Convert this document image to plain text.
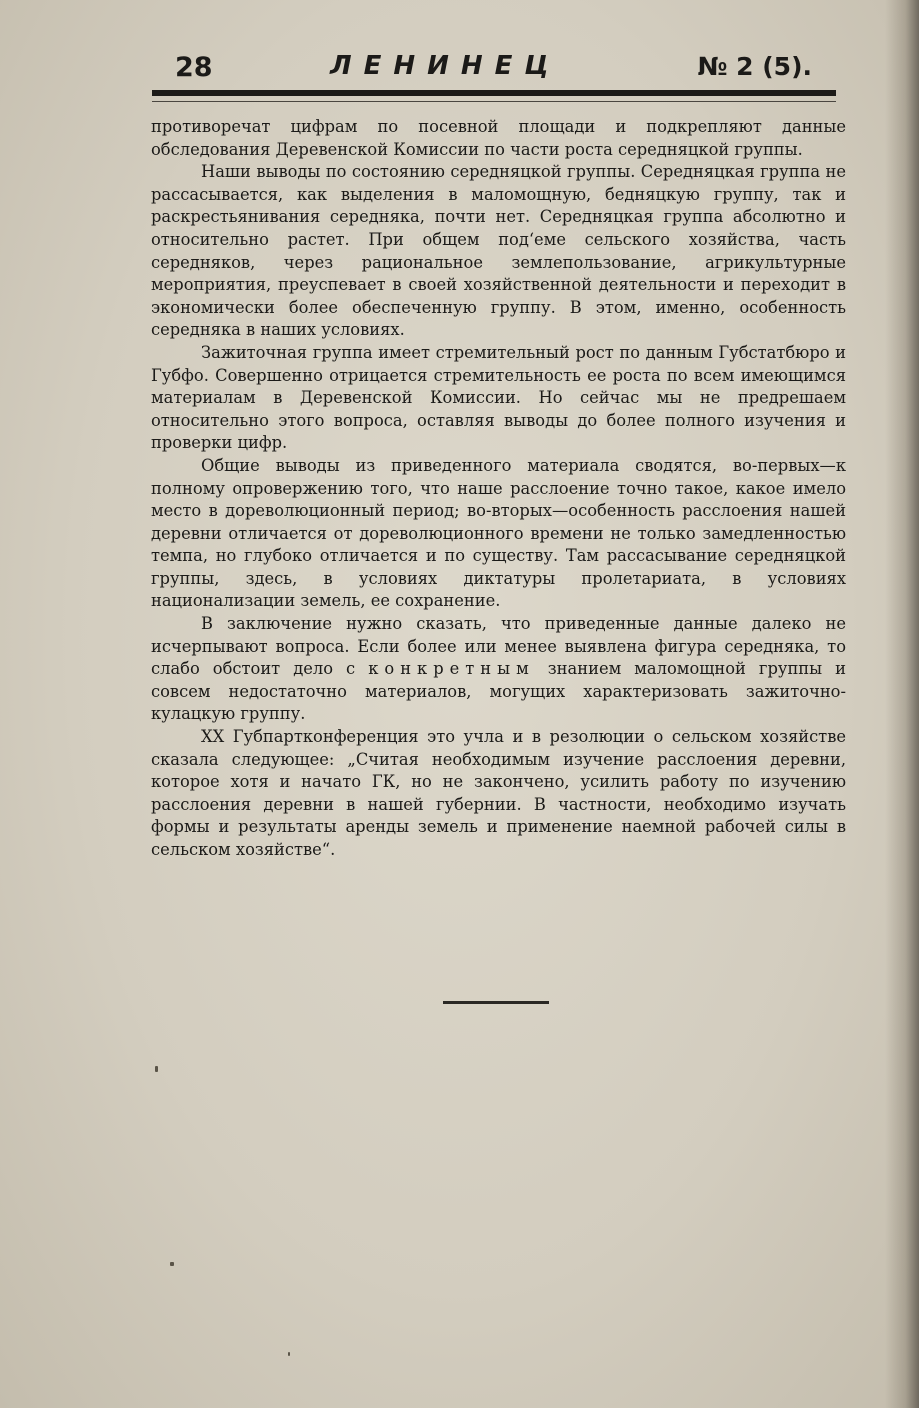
28	ЛЕНИНЕЦ	№ 2 (5).

противоречат цифрам по посевной площади и подкрепляют данные обследования Деревенской Комиссии по части роста середняцкой группы.

Наши выводы по состоянию середняцкой группы. Середняцкая группа не рассасывается, как выделения в маломощную, бедняцкую группу, так и раскрестьянивания середняка, почти нет. Середняцкая группа абсолютно и относительно растет. При общем под‘еме сельского хозяйства, часть середняков, через рациональное землепользование, агрикультурные мероприятия, преуспевает в своей хозяйственной деятельности и переходит в экономически более обеспеченную группу. В этом, именно, особенность середняка в наших условиях.

Зажиточная группа имеет стремительный рост по данным Губстатбюро и Губфо. Совершенно отрицается стремительность ее роста по всем имеющимся материалам в Деревенской Комиссии. Но сейчас мы не предрешаем относительно этого вопроса, оставляя выводы до более полного изучения и проверки цифр.

Общие выводы из приведенного материала сводятся, во-первых—к полному опровержению того, что наше расслоение точно такое, какое имело место в дореволюционный период; во-вторых—особенность расслоения нашей деревни отличается от дореволюционного времени не только замедленностью темпа, но глубоко отличается и по существу. Там рассасывание середняцкой группы, здесь, в условиях диктатуры пролетариата, в условиях национализации земель, ее сохранение.

В заключение нужно сказать, что приведенные данные далеко не исчерпывают вопроса. Если более или менее выявлена фигура середняка, то слабо обстоит дело с конкретным знанием маломощной группы и совсем недостаточно материалов, могущих характеризовать зажиточно-кулацкую группу.

XX Губпартконференция это учла и в резолюции о сельском хозяйстве сказала следующее: „Считая необходимым изучение расслоения деревни, которое хотя и начато ГК, но не закончено, усилить работу по изучению расслоения деревни в нашей губернии. В частности, необходимо изучать формы и результаты аренды земель и применение наемной рабочей силы в сельском хозяйстве“.
